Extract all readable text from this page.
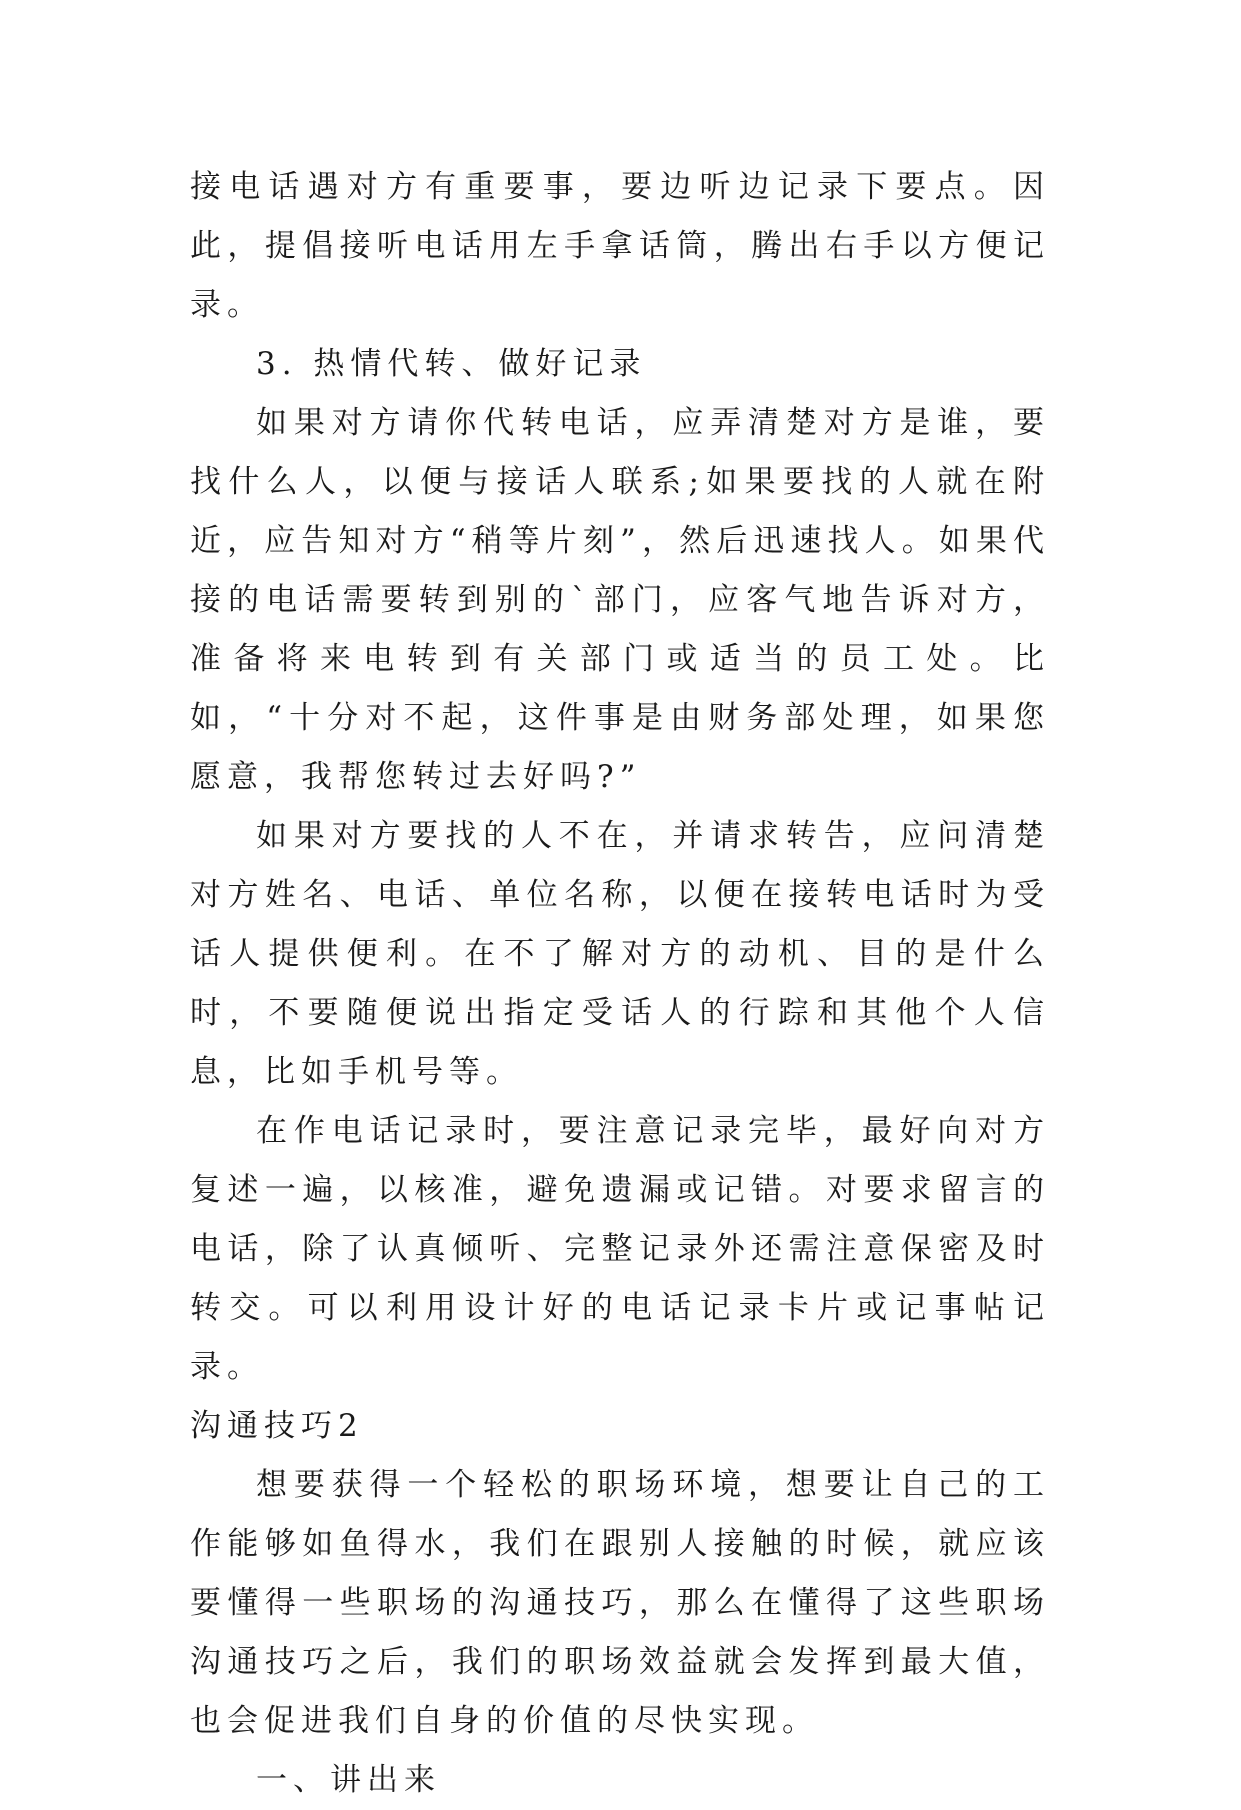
接电话遇对方有重要事，要边听边记录下要点。因此，提倡接听电话用左手拿话筒，腾出右手以方便记录。

3. 热情代转、做好记录

如果对方请你代转电话，应弄清楚对方是谁，要找什么人，以便与接话人联系;如果要找的人就在附近，应告知对方“稍等片刻”，然后迅速找人。如果代接的电话需要转到别的`部门，应客气地告诉对方，准备将来电转到有关部门或适当的员工处。比如，“十分对不起，这件事是由财务部处理，如果您愿意，我帮您转过去好吗?”

如果对方要找的人不在，并请求转告，应问清楚对方姓名、电话、单位名称，以便在接转电话时为受话人提供便利。在不了解对方的动机、目的是什么时，不要随便说出指定受话人的行踪和其他个人信息，比如手机号等。

在作电话记录时，要注意记录完毕，最好向对方复述一遍，以核准，避免遗漏或记错。对要求留言的电话，除了认真倾听、完整记录外还需注意保密及时转交。可以利用设计好的电话记录卡片或记事帖记录。

沟通技巧2

想要获得一个轻松的职场环境，想要让自己的工作能够如鱼得水，我们在跟别人接触的时候，就应该要懂得一些职场的沟通技巧，那么在懂得了这些职场沟通技巧之后，我们的职场效益就会发挥到最大值，也会促进我们自身的价值的尽快实现。

一、讲出来
